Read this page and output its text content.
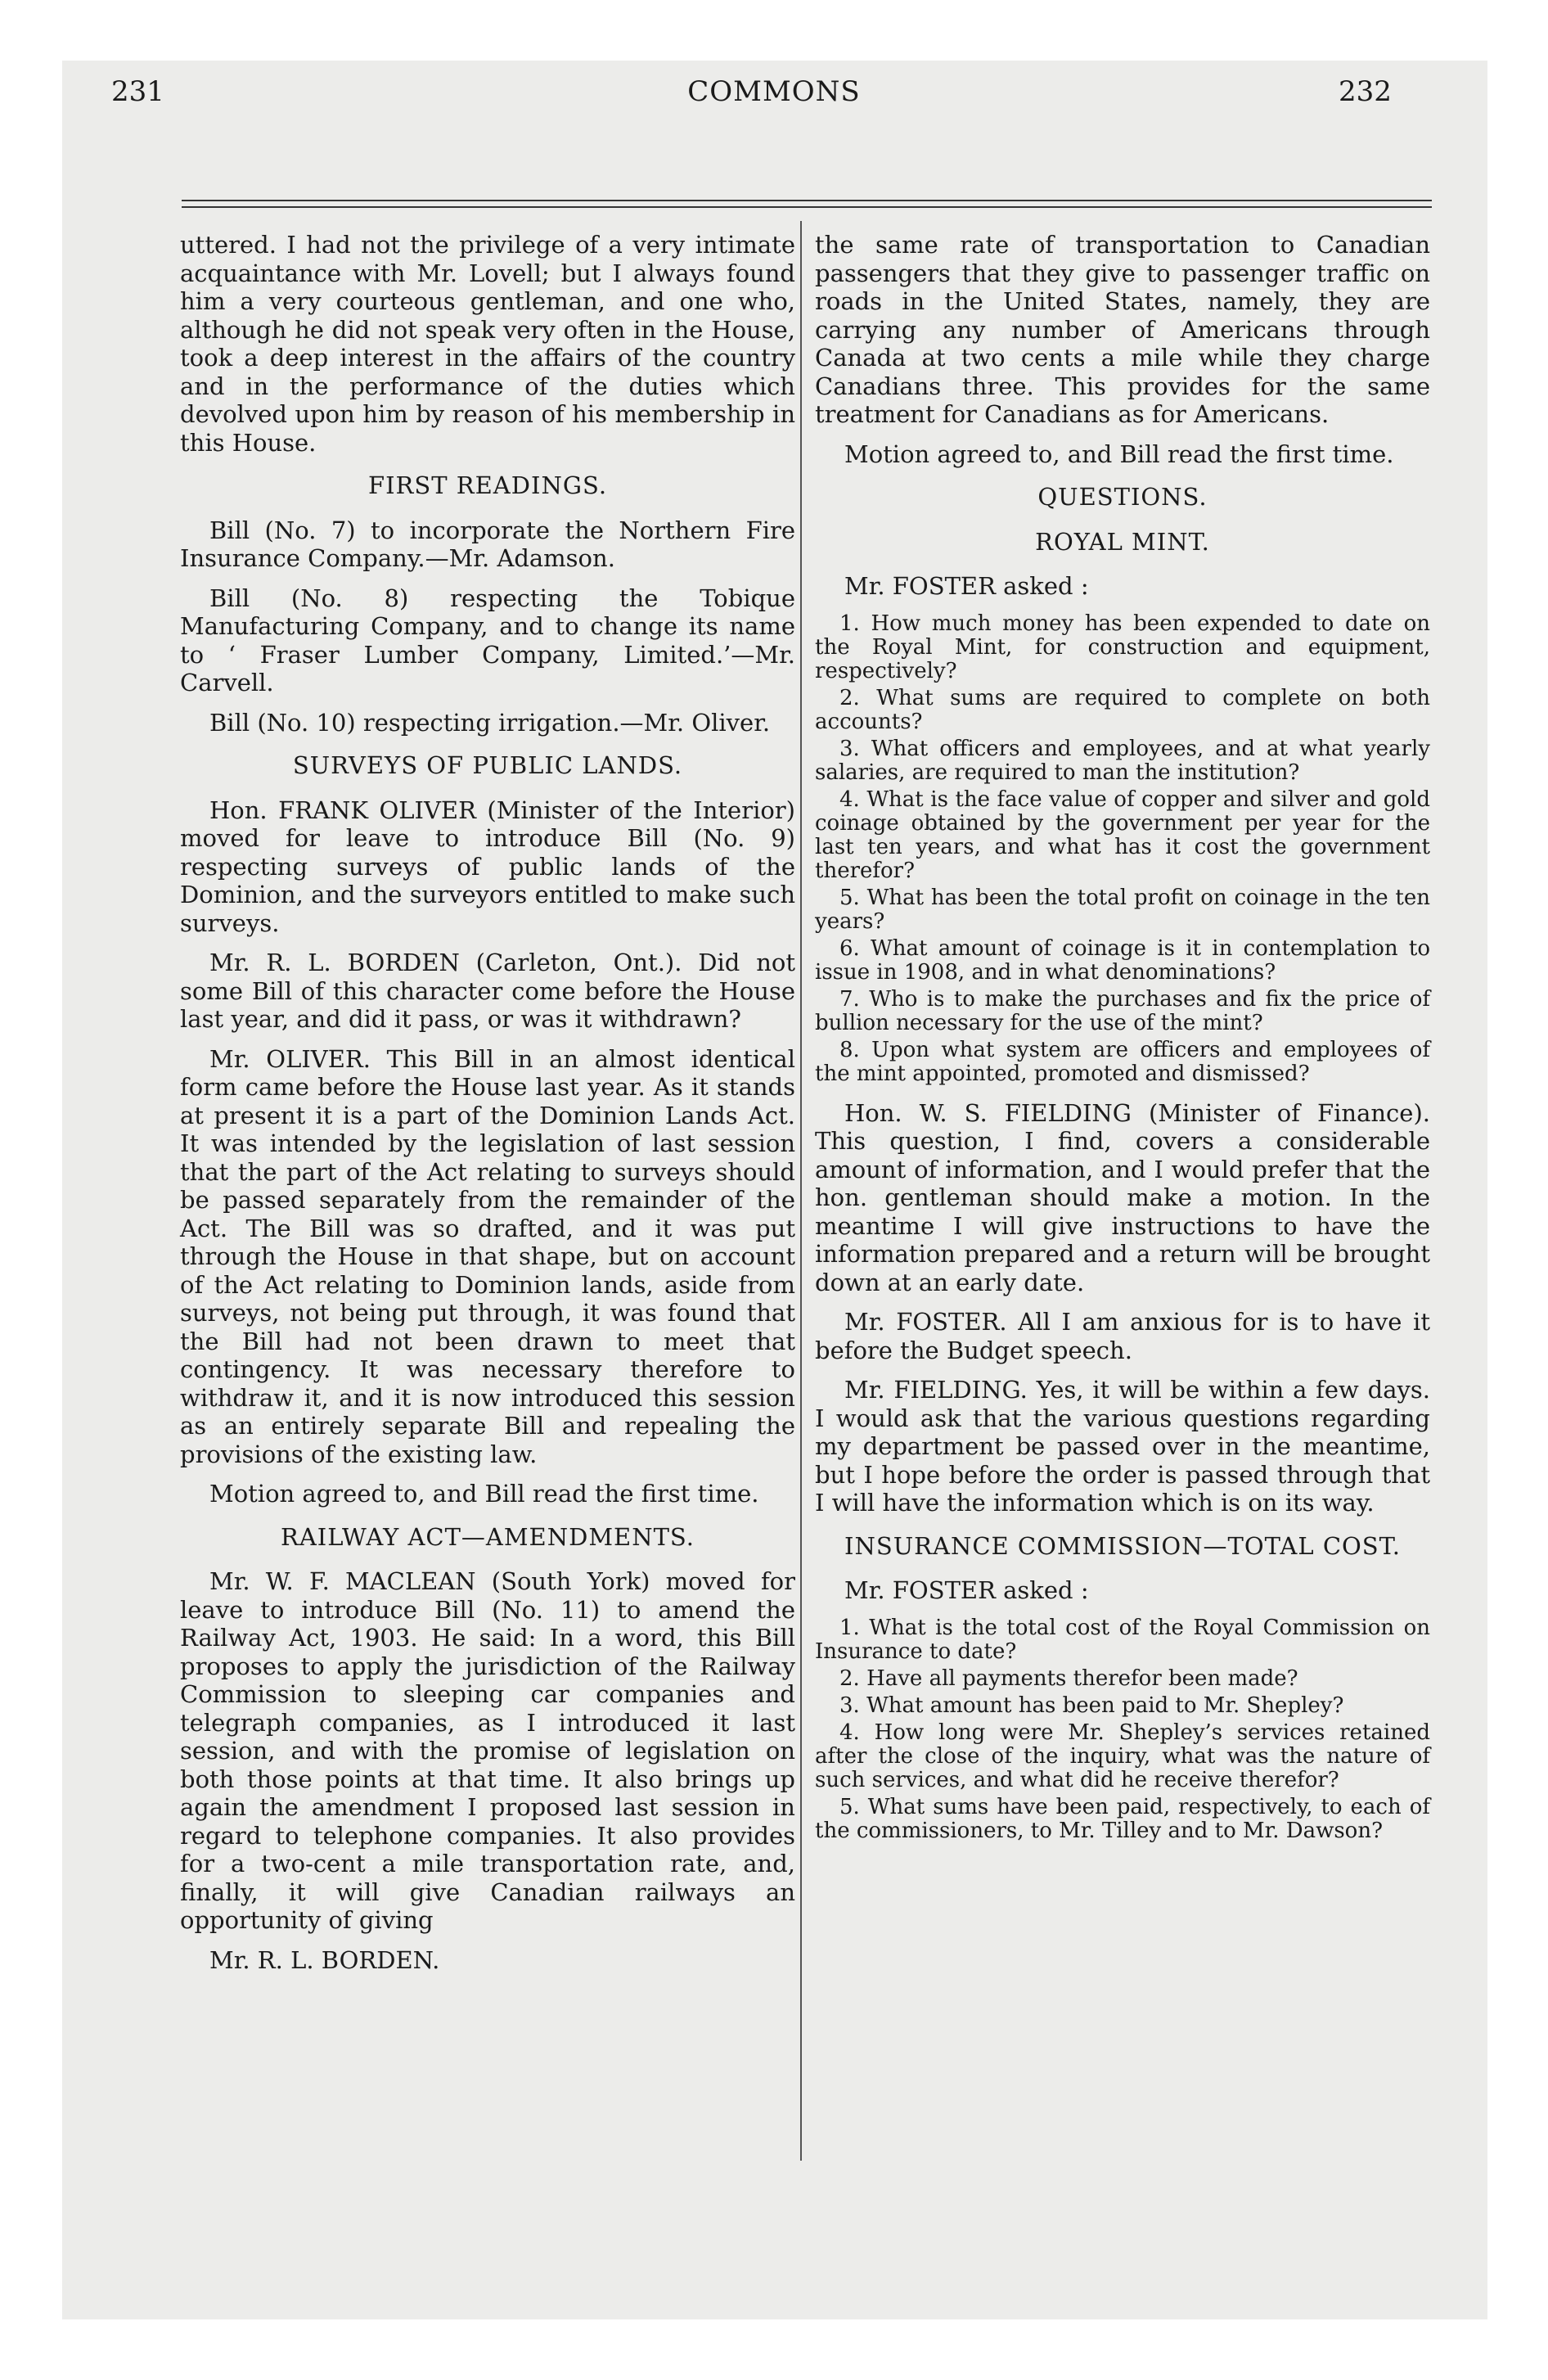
231	COMMONS	232

uttered. I had not the privilege of a very intimate acquaintance with Mr. Lovell; but I always found him a very courteous gentleman, and one who, although he did not speak very often in the House, took a deep interest in the affairs of the country and in the performance of the duties which devolved upon him by reason of his membership in this House.

FIRST READINGS.

Bill (No. 7) to incorporate the Northern Fire Insurance Company.—Mr. Adamson.

Bill (No. 8) respecting the Tobique Manufacturing Company, and to change its name to ‘ Fraser Lumber Company, Limited.’—Mr. Carvell.

Bill (No. 10) respecting irrigation.—Mr. Oliver.

SURVEYS OF PUBLIC LANDS.

Hon. FRANK OLIVER (Minister of the Interior) moved for leave to introduce Bill (No. 9) respecting surveys of public lands of the Dominion, and the surveyors entitled to make such surveys.

Mr. R. L. BORDEN (Carleton, Ont.). Did not some Bill of this character come before the House last year, and did it pass, or was it withdrawn?

Mr. OLIVER. This Bill in an almost identical form came before the House last year. As it stands at present it is a part of the Dominion Lands Act. It was intended by the legislation of last session that the part of the Act relating to surveys should be passed separately from the remainder of the Act. The Bill was so drafted, and it was put through the House in that shape, but on account of the Act relating to Dominion lands, aside from surveys, not being put through, it was found that the Bill had not been drawn to meet that contingency. It was necessary therefore to withdraw it, and it is now introduced this session as an entirely separate Bill and repealing the provisions of the existing law.

Motion agreed to, and Bill read the first time.

RAILWAY ACT—AMENDMENTS.

Mr. W. F. MACLEAN (South York) moved for leave to introduce Bill (No. 11) to amend the Railway Act, 1903. He said: In a word, this Bill proposes to apply the jurisdiction of the Railway Commission to sleeping car companies and telegraph companies, as I introduced it last session, and with the promise of legislation on both those points at that time. It also brings up again the amendment I proposed last session in regard to telephone companies. It also provides for a two-cent a mile transportation rate, and, finally, it will give Canadian railways an opportunity of giving

Mr. R. L. BORDEN.

the same rate of transportation to Canadian passengers that they give to passenger traffic on roads in the United States, namely, they are carrying any number of Americans through Canada at two cents a mile while they charge Canadians three. This provides for the same treatment for Canadians as for Americans.

Motion agreed to, and Bill read the first time.

QUESTIONS.
ROYAL MINT.

Mr. FOSTER asked :

1. How much money has been expended to date on the Royal Mint, for construction and equipment, respectively?

2. What sums are required to complete on both accounts?

3. What officers and employees, and at what yearly salaries, are required to man the institution?

4. What is the face value of copper and silver and gold coinage obtained by the government per year for the last ten years, and what has it cost the government therefor?

5. What has been the total profit on coinage in the ten years?

6. What amount of coinage is it in contemplation to issue in 1908, and in what denominations?

7. Who is to make the purchases and fix the price of bullion necessary for the use of the mint?

8. Upon what system are officers and employees of the mint appointed, promoted and dismissed?

Hon. W. S. FIELDING (Minister of Finance). This question, I find, covers a considerable amount of information, and I would prefer that the hon. gentleman should make a motion. In the meantime I will give instructions to have the information prepared and a return will be brought down at an early date.

Mr. FOSTER. All I am anxious for is to have it before the Budget speech.

Mr. FIELDING. Yes, it will be within a few days. I would ask that the various questions regarding my department be passed over in the meantime, but I hope before the order is passed through that I will have the information which is on its way.

INSURANCE COMMISSION—TOTAL COST.

Mr. FOSTER asked :

1. What is the total cost of the Royal Commission on Insurance to date?

2. Have all payments therefor been made?

3. What amount has been paid to Mr. Shepley?

4. How long were Mr. Shepley’s services retained after the close of the inquiry, what was the nature of such services, and what did he receive therefor?

5. What sums have been paid, respectively, to each of the commissioners, to Mr. Tilley and to Mr. Dawson?
